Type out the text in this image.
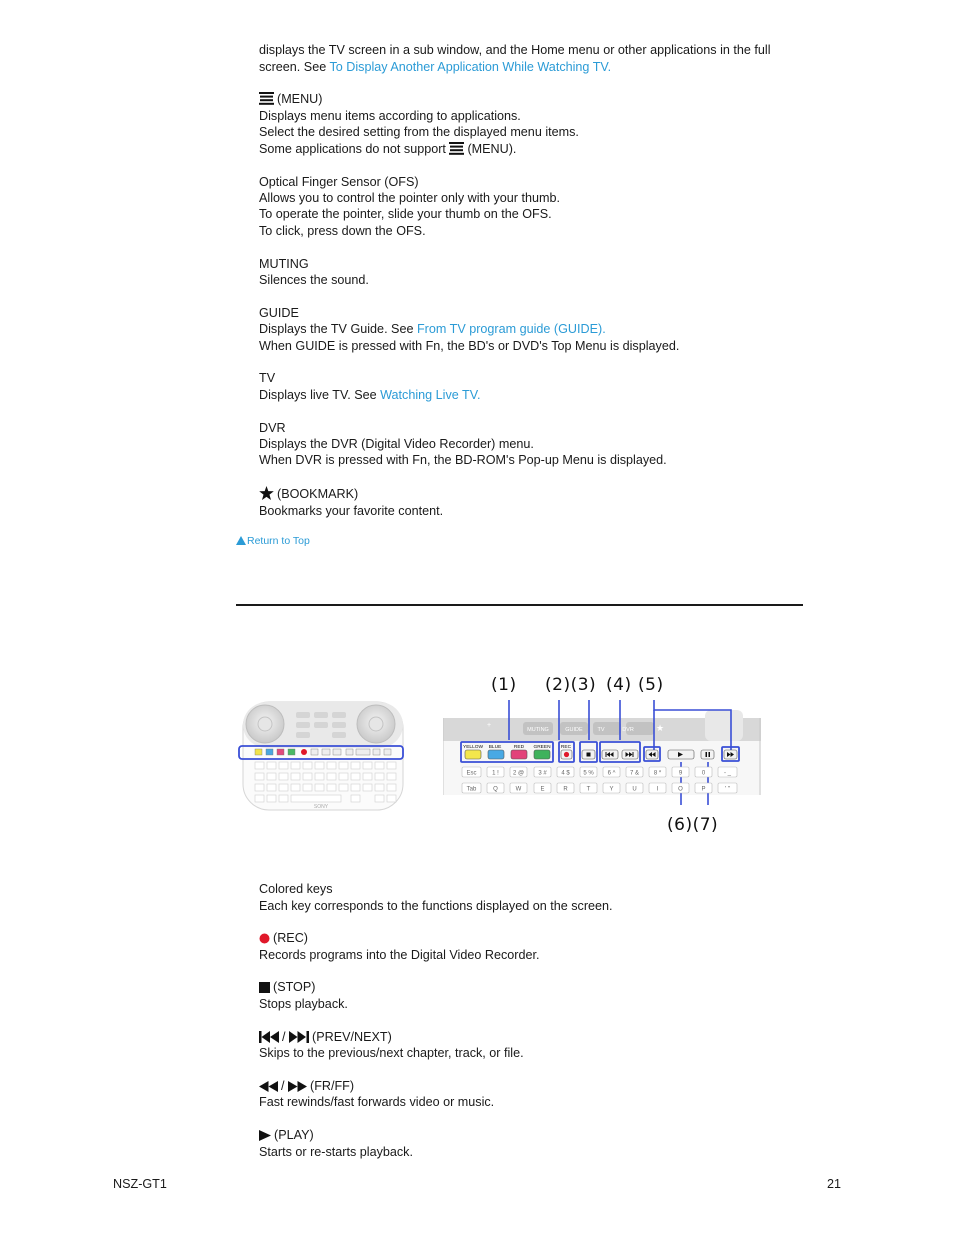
displays the TV screen in a sub window, and the Home menu or other applications in the full

screen. See To Display Another Application While Watching TV.

(MENU)

Displays menu items according to applications.

Select the desired setting from the displayed menu items.

Some applications do not support (MENU).

Optical Finger Sensor (OFS)

Allows you to control the pointer only with your thumb.

To operate the pointer, slide your thumb on the OFS.

To click, press down the OFS.

MUTING

Silences the sound.

GUIDE

Displays the TV Guide. See From TV program guide (GUIDE).

When GUIDE is pressed with Fn, the BD's or DVD's Top Menu is displayed.

TV

Displays live TV. See Watching Live TV.

DVR

Displays the DVR (Digital Video Recorder) menu.

When DVR is pressed with Fn, the BD-ROM's Pop-up Menu is displayed.

(BOOKMARK)

Bookmarks your favorite content.

Return to Top
SONY
(1) (2)(3) (4) (5)
(6)(7)
MUTING	GUIDE	TV	DVR ★
+
YELLOW BLUE	RED GREEN REC
Esc	1 ! 2 @ 3 # 4 $ 5 % 6 ^ 7 & 8 *	9	0	- _
Tab	Q	W	E	R	T	Y	U	I	O	P	' "

Colored keys

Each key corresponds to the functions displayed on the screen.

(REC)

Records programs into the Digital Video Recorder.

(STOP)

Stops playback.

/ (PREV/NEXT)

Skips to the previous/next chapter, track, or file.

/ (FR/FF)

Fast rewinds/fast forwards video or music.

(PLAY)

Starts or re-starts playback.

NSZ-GT1	21
